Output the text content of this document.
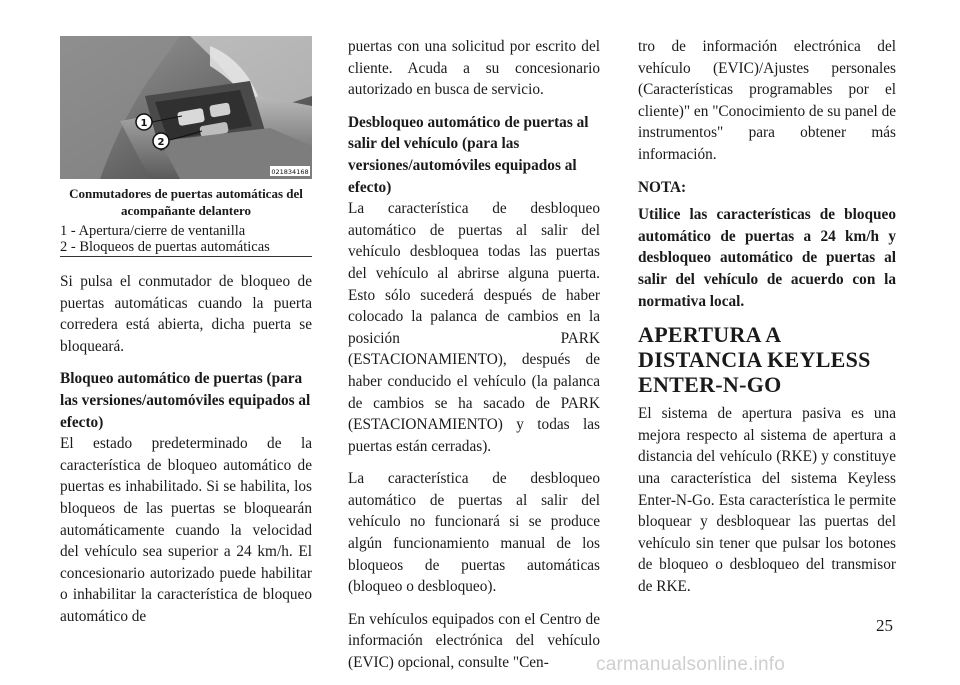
1
2
021834168
Conmutadores de puertas automáticas del acompañante delantero
1 - Apertura/cierre de ventanilla
2 - Bloqueos de puertas automáticas

Si pulsa el conmutador de bloqueo de puertas automáticas cuando la puerta corredera está abierta, dicha puerta se bloqueará.

Bloqueo automático de puertas (para las versiones/automóviles equipados al efecto)

El estado predeterminado de la característica de bloqueo automático de puertas es inhabilitado. Si se habilita, los bloqueos de las puertas se bloquearán automáticamente cuando la velocidad del vehículo sea superior a 24 km/h. El concesionario autorizado puede habilitar o inhabilitar la característica de bloqueo automático de

puertas con una solicitud por escrito del cliente. Acuda a su concesionario autorizado en busca de servicio.

Desbloqueo automático de puertas al salir del vehículo (para las versiones/automóviles equipados al efecto)

La característica de desbloqueo automático de puertas al salir del vehículo desbloquea todas las puertas del vehículo al abrirse alguna puerta. Esto sólo sucederá después de haber colocado la palanca de cambios en la posición PARK (ESTACIONAMIENTO), después de haber conducido el vehículo (la palanca de cambios se ha sacado de PARK (ESTACIONAMIENTO) y todas las puertas están cerradas).

La característica de desbloqueo automático de puertas al salir del vehículo no funcionará si se produce algún funcionamiento manual de los bloqueos de puertas automáticas (bloqueo o desbloqueo).

En vehículos equipados con el Centro de información electrónica del vehículo (EVIC) opcional, consulte "Cen-

tro de información electrónica del vehículo (EVIC)/Ajustes personales (Características programables por el cliente)" en "Conocimiento de su panel de instrumentos" para obtener más información.

NOTA:
Utilice las características de bloqueo automático de puertas a 24 km/h y desbloqueo automático de puertas al salir del vehículo de acuerdo con la normativa local.
APERTURA A DISTANCIA KEYLESS ENTER-N-GO

El sistema de apertura pasiva es una mejora respecto al sistema de apertura a distancia del vehículo (RKE) y constituye una característica del sistema Keyless Enter-N-Go. Esta característica le permite bloquear y desbloquear las puertas del vehículo sin tener que pulsar los botones de bloqueo o desbloqueo del transmisor de RKE.

25
carmanualsonline.info
